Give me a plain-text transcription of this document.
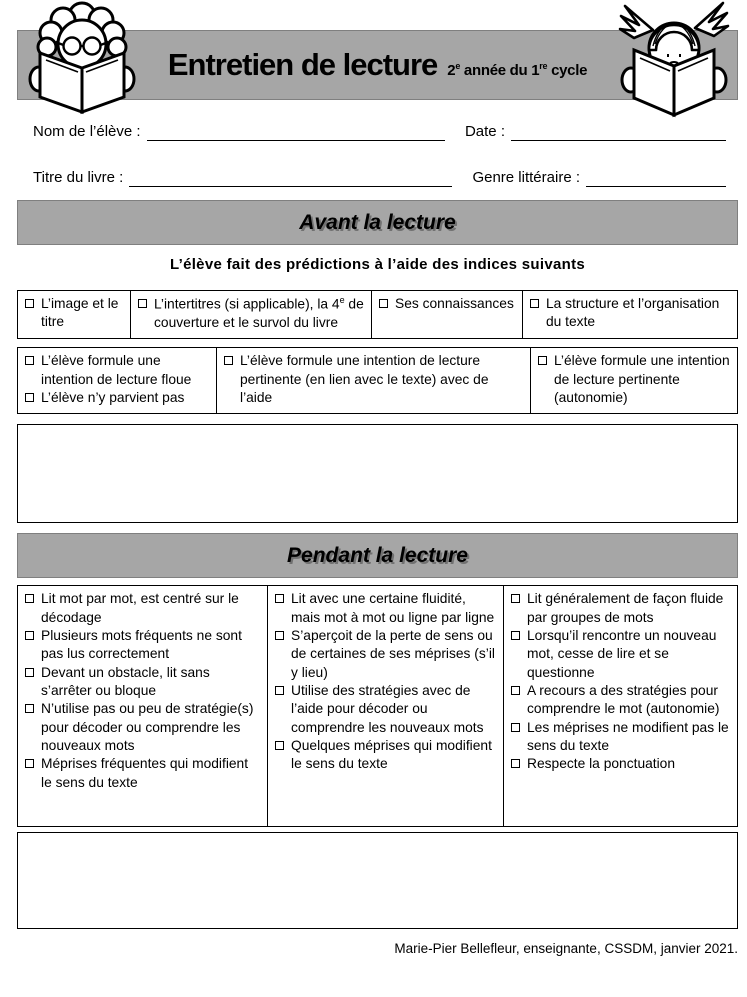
Entretien de lecture 2e année du 1re cycle
Nom de l’élève :	Date :
Titre du livre :	Genre littéraire :
Avant la lecture
L’élève fait des prédictions à l’aide des indices suivants
L’image et le titre
L’intertitres (si applicable), la 4e de couverture et le survol du livre
Ses connaissances La structure et l’organisation du texte
L’élève formule une intention de lecture floue
L’élève n’y parvient pas
L’élève formule une intention de lecture pertinente (en lien avec le texte) avec de l’aide
L’élève formule une intention de lecture pertinente (autonomie)
Pendant la lecture
Lit mot par mot, est centré sur le décodage
Plusieurs mots fréquents ne sont pas lus correctement
Devant un obstacle, lit sans s’arrêter ou bloque
N’utilise pas ou peu de stratégie(s) pour décoder ou comprendre les nouveaux mots
Méprises fréquentes qui modifient le sens du texte
Lit avec une certaine fluidité, mais mot à mot ou ligne par ligne
S’aperçoit de la perte de sens ou de certaines de ses méprises (s’il y lieu)
Utilise des stratégies avec de l’aide pour décoder ou comprendre les nouveaux mots
Quelques méprises qui modifient le sens du texte
Lit généralement de façon fluide par groupes de mots
Lorsqu’il rencontre un nouveau mot, cesse de lire et se questionne
A recours a des stratégies pour comprendre le mot (autonomie)
Les méprises ne modifient pas le sens du texte
Respecte la ponctuation
Marie-Pier Bellefleur, enseignante, CSSDM, janvier 2021.
